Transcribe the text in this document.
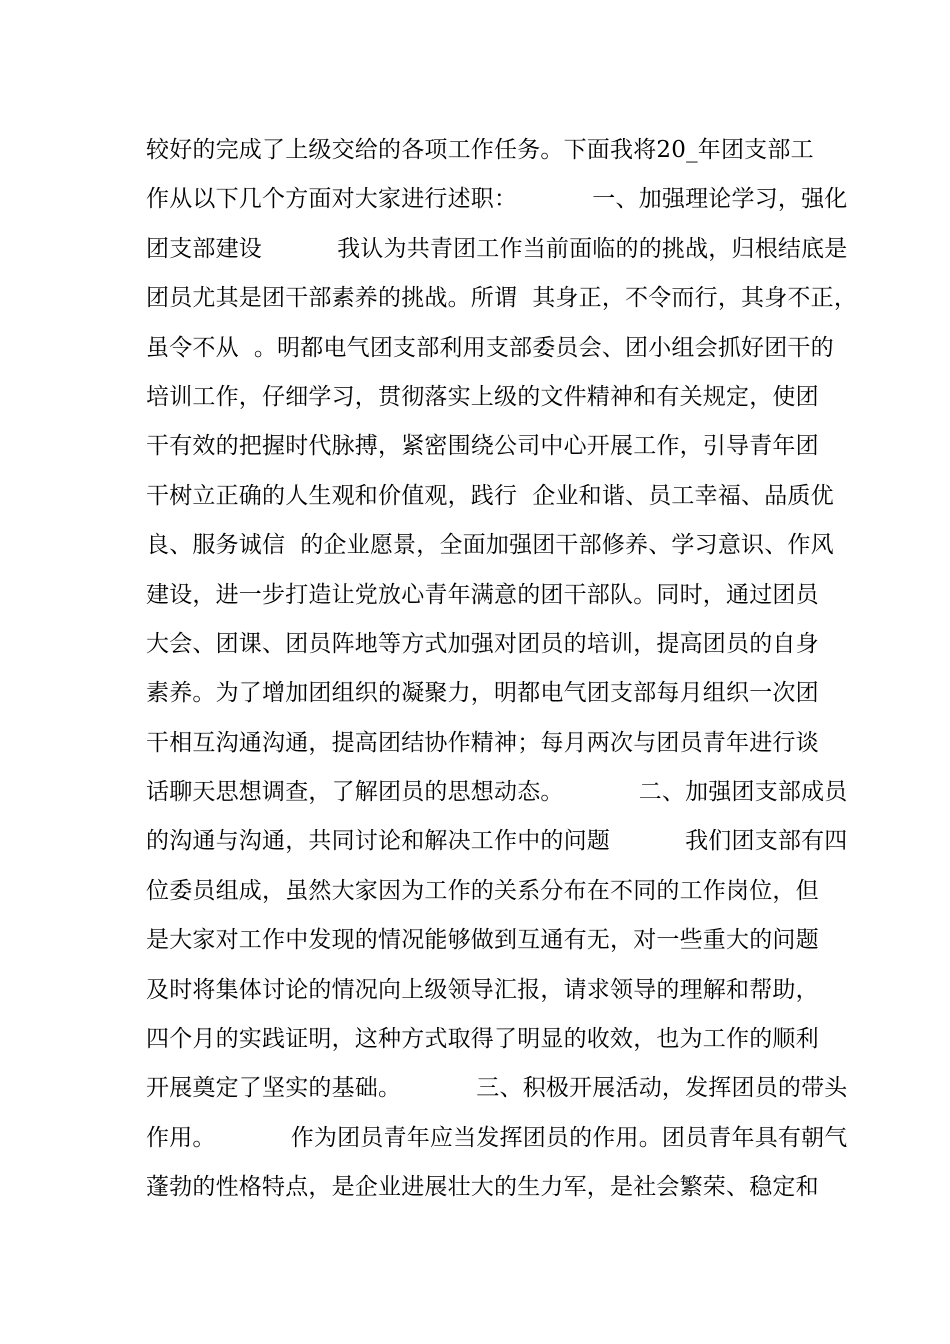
较好的完成了上级交给的各项工作任务。下面我将20_年团支部工
作从以下几个方面对大家进行述职：          一、加强理论学习，强化
团支部建设          我认为共青团工作当前面临的的挑战，归根结底是
团员尤其是团干部素养的挑战。所谓  其身正，不令而行，其身不正，
虽令不从  。明都电气团支部利用支部委员会、团小组会抓好团干的
培训工作，仔细学习，贯彻落实上级的文件精神和有关规定，使团
干有效的把握时代脉搏，紧密围绕公司中心开展工作，引导青年团
干树立正确的人生观和价值观，践行  企业和谐、员工幸福、品质优
良、服务诚信  的企业愿景，全面加强团干部修养、学习意识、作风
建设，进一步打造让党放心青年满意的团干部队。同时，通过团员
大会、团课、团员阵地等方式加强对团员的培训，提高团员的自身
素养。为了增加团组织的凝聚力，明都电气团支部每月组织一次团
干相互沟通沟通，提高团结协作精神；每月两次与团员青年进行谈
话聊天思想调查，了解团员的思想动态。          二、加强团支部成员
的沟通与沟通，共同讨论和解决工作中的问题          我们团支部有四
位委员组成，虽然大家因为工作的关系分布在不同的工作岗位，但
是大家对工作中发现的情况能够做到互通有无，对一些重大的问题
及时将集体讨论的情况向上级领导汇报，请求领导的理解和帮助，
四个月的实践证明，这种方式取得了明显的收效，也为工作的顺利
开展奠定了坚实的基础。          三、积极开展活动，发挥团员的带头
作用。          作为团员青年应当发挥团员的作用。团员青年具有朝气
蓬勃的性格特点，是企业进展壮大的生力军，是社会繁荣、稳定和
